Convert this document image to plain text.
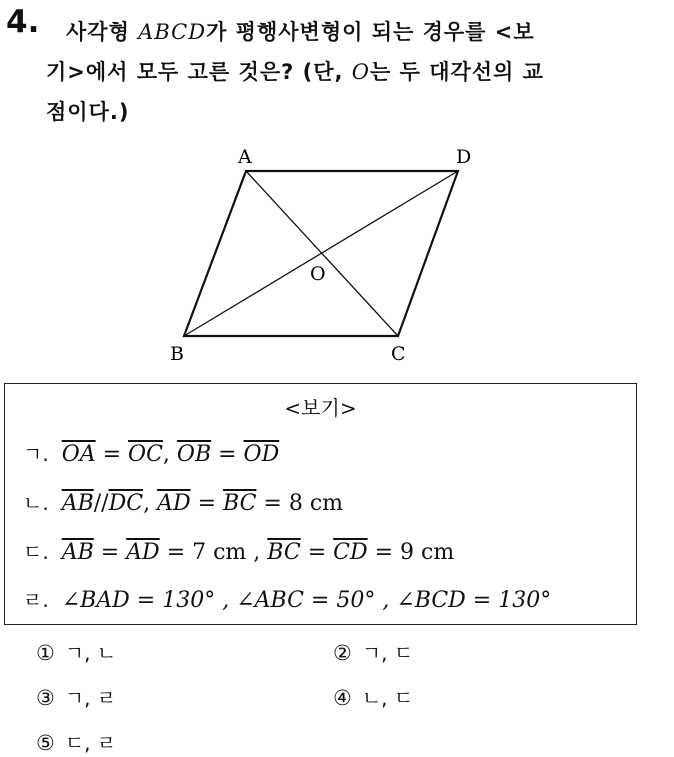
4. 사각형 ABCD가 평행사변형이 되는 경우를 <보
기>에서 모두 고른 것은? (단, O는 두 대각선의 교
점이다.)
A	D
B	C
O
<보기>
ㄱ. $\overline{OA} = \overline{OC}$, $\overline{OB} = \overline{OD}$
ㄴ. $\overline{AB}//\overline{DC}$, $\overline{AD} = \overline{BC} = 8$ cm
ㄷ. $\overline{AB} = \overline{AD} = 7$ cm , $\overline{BC} = \overline{CD} = 9$ cm
ㄹ. ∠BAD = 130° , ∠ABC = 50° , ∠BCD = 130°
① ㄱ, ㄴ	② ㄱ, ㄷ
③ ㄱ, ㄹ	④ ㄴ, ㄷ
⑤ ㄷ, ㄹ
